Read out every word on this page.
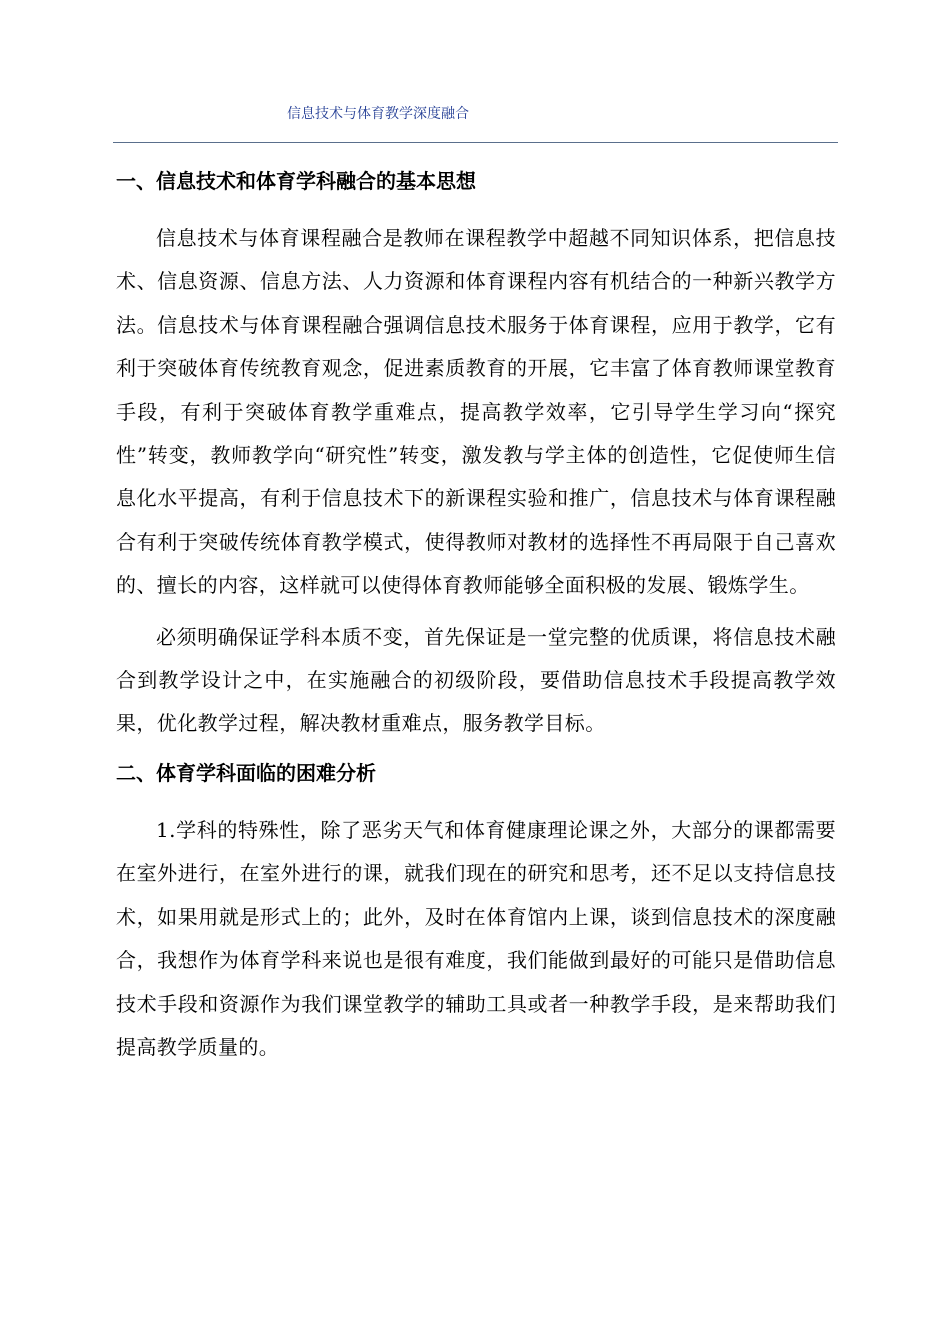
信息技术与体育教学深度融合
一、信息技术和体育学科融合的基本思想

信息技术与体育课程融合是教师在课程教学中超越不同知识体系，把信息技术、信息资源、信息方法、人力资源和体育课程内容有机结合的一种新兴教学方法。信息技术与体育课程融合强调信息技术服务于体育课程，应用于教学，它有利于突破体育传统教育观念，促进素质教育的开展，它丰富了体育教师课堂教育手段，有利于突破体育教学重难点，提高教学效率，它引导学生学习向“探究性”转变，教师教学向“研究性”转变，激发教与学主体的创造性，它促使师生信息化水平提高，有利于信息技术下的新课程实验和推广，信息技术与体育课程融合有利于突破传统体育教学模式，使得教师对教材的选择性不再局限于自己喜欢的、擅长的内容，这样就可以使得体育教师能够全面积极的发展、锻炼学生。

必须明确保证学科本质不变，首先保证是一堂完整的优质课，将信息技术融合到教学设计之中，在实施融合的初级阶段，要借助信息技术手段提高教学效果，优化教学过程，解决教材重难点，服务教学目标。

二、体育学科面临的困难分析

1.学科的特殊性，除了恶劣天气和体育健康理论课之外，大部分的课都需要在室外进行，在室外进行的课，就我们现在的研究和思考，还不足以支持信息技术，如果用就是形式上的；此外，及时在体育馆内上课，谈到信息技术的深度融合，我想作为体育学科来说也是很有难度，我们能做到最好的可能只是借助信息技术手段和资源作为我们课堂教学的辅助工具或者一种教学手段，是来帮助我们提高教学质量的。
